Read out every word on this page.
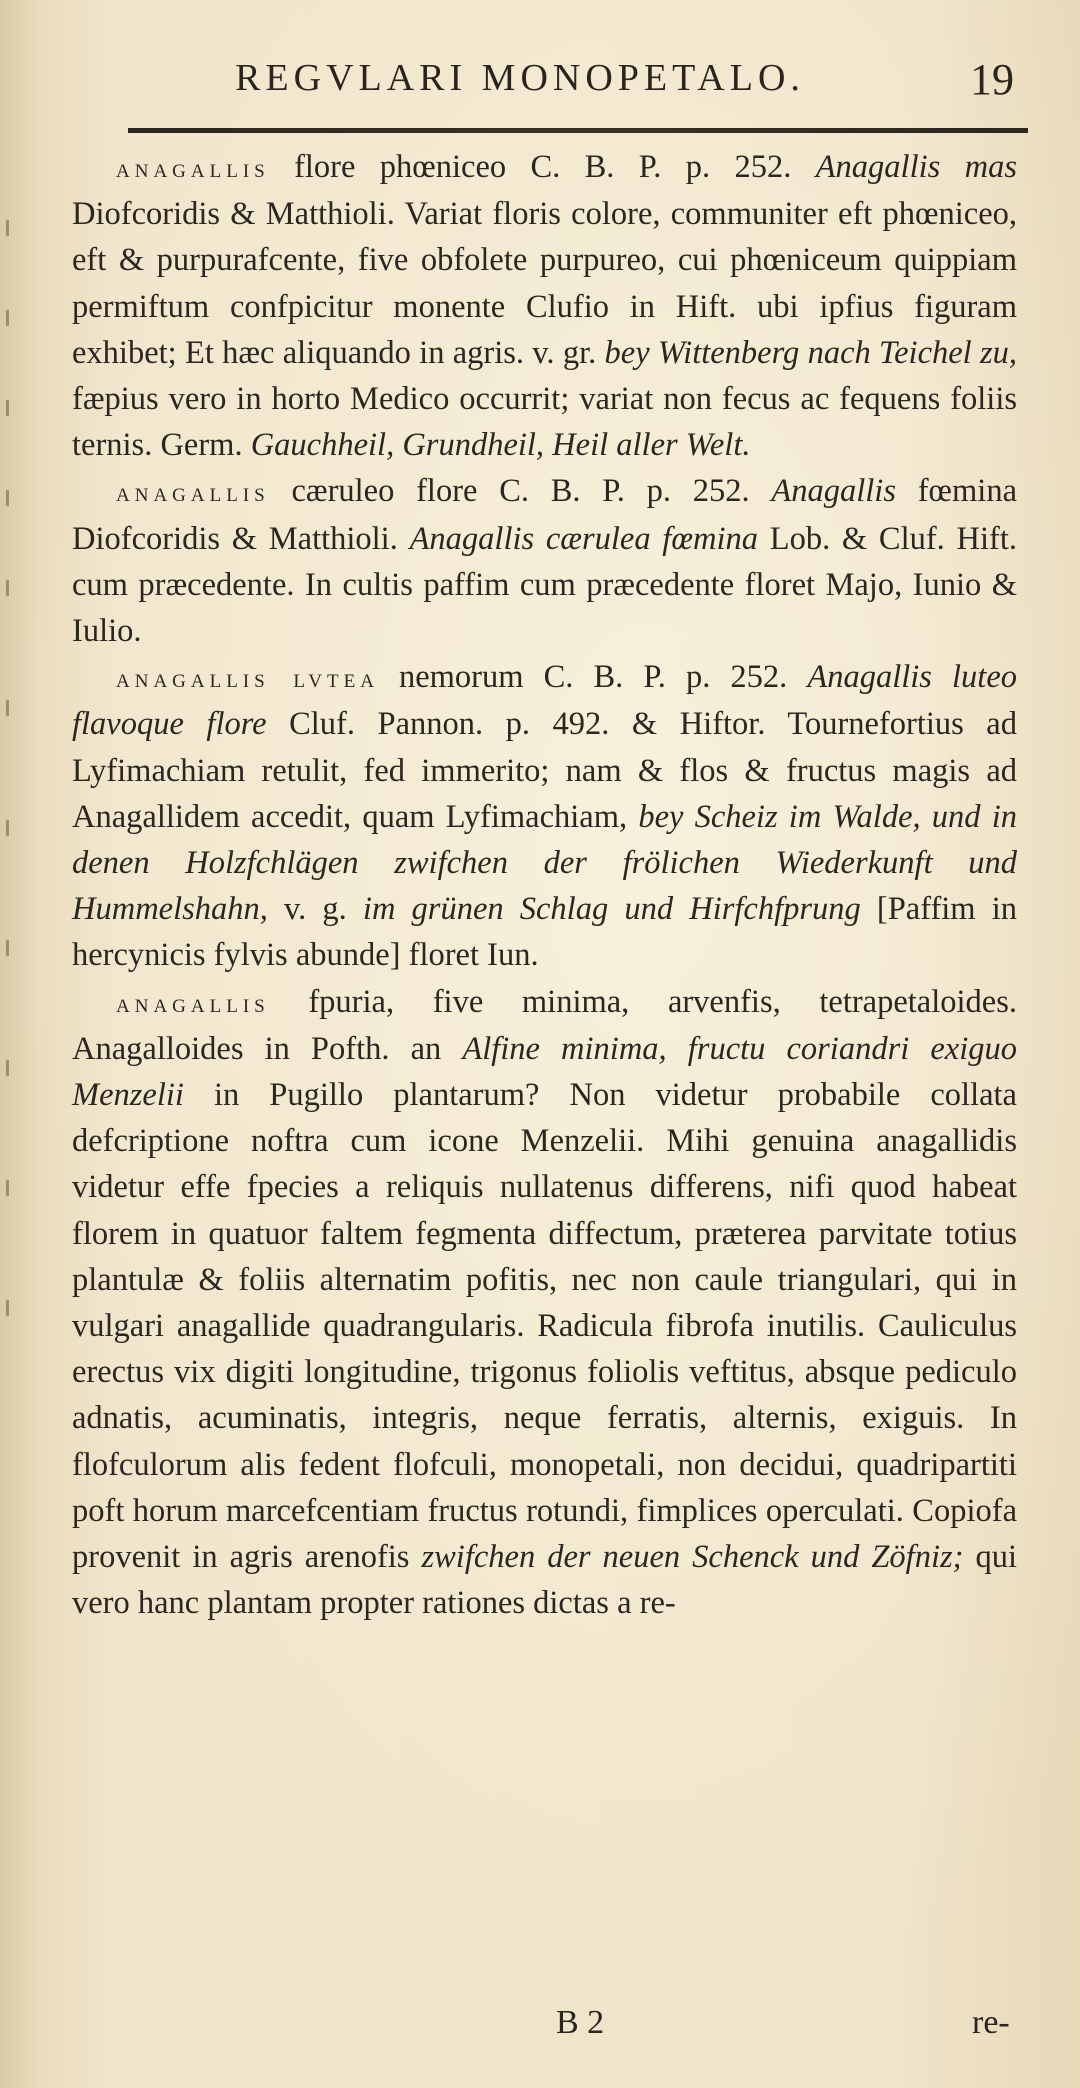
REGVLARI MONOPETALO.	19

anagallis flore phœniceo C. B. P. p. 252. Anagallis mas Diofcoridis & Matthioli. Variat floris colore, communiter eft phœniceo, eft & purpurafcente, five obfolete purpureo, cui phœniceum quippiam permiftum confpicitur monente Clufio in Hift. ubi ipfius figuram exhibet; Et hæc aliquando in agris. v. gr. bey Wittenberg nach Teichel zu, fæpius vero in horto Medico occurrit; variat non fecus ac fequens foliis ternis. Germ. Gauchheil, Grundheil, Heil aller Welt.

anagallis cæruleo flore C. B. P. p. 252. Anagallis fœmina Diofcoridis & Matthioli. Anagallis cærulea fœmina Lob. & Cluf. Hift. cum præcedente. In cultis paffim cum præcedente floret Majo, Iunio & Iulio.

anagallis lvtea nemorum C. B. P. p. 252. Anagallis luteo flavoque flore Cluf. Pannon. p. 492. & Hiftor. Tournefortius ad Lyfimachiam retulit, fed immerito; nam & flos & fructus magis ad Anagallidem accedit, quam Lyfimachiam, bey Scheiz im Walde, und in denen Holzfchlägen zwifchen der frölichen Wiederkunft und Hummelshahn, v. g. im grünen Schlag und Hirfchfprung [Paffim in hercynicis fylvis abunde] floret Iun.

anagallis fpuria, five minima, arvenfis, tetrapetaloides. Anagalloides in Pofth. an Alfine minima, fructu coriandri exiguo Menzelii in Pugillo plantarum? Non videtur probabile collata defcriptione noftra cum icone Menzelii. Mihi genuina anagallidis videtur effe fpecies a reliquis nullatenus differens, nifi quod habeat florem in quatuor faltem fegmenta diffectum, præterea parvitate totius plantulæ & foliis alternatim pofitis, nec non caule triangulari, qui in vulgari anagallide quadrangularis. Radicula fibrofa inutilis. Cauliculus erectus vix digiti longitudine, trigonus foliolis veftitus, absque pediculo adnatis, acuminatis, integris, neque ferratis, alternis, exiguis. In flofculorum alis fedent flofculi, monopetali, non decidui, quadripartiti poft horum marcefcentiam fructus rotundi, fimplices operculati. Copiofa provenit in agris arenofis zwifchen der neuen Schenck und Zöfniz; qui vero hanc plantam propter rationes dictas a re-

B 2	re-
